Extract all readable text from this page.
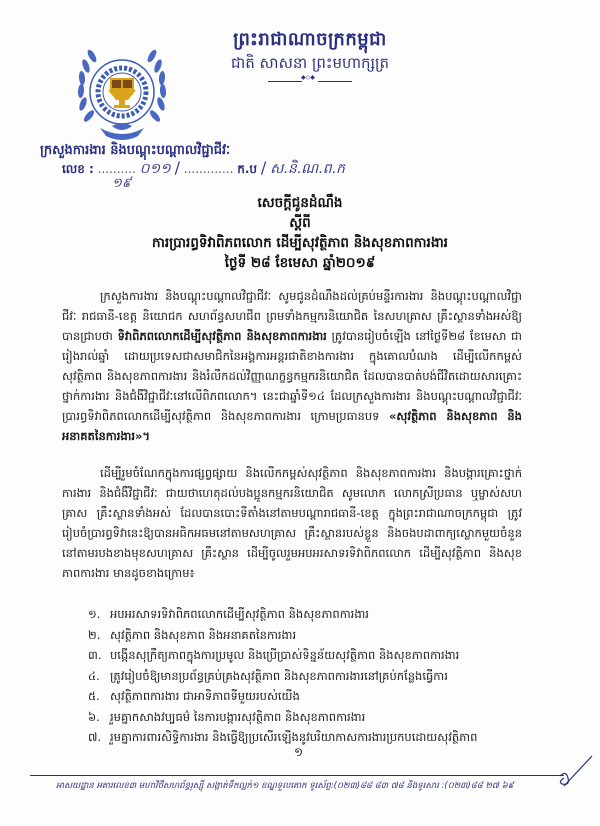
ព្រះរាជាណាចក្រកម្ពុជា
ជាតិ សាសនា ព្រះមហាក្សត្រ
◆◇◆
ក្រសួងការងារ និងបណ្តុះបណ្តាលវិជ្ជាជីវៈ
លេខ : .......... ០១១ / ............. ក.ប / ស.និ.ណ.ព.ក
១៩
សេចក្តីជូនដំណឹង
ស្តីពី
ការប្រារព្ធទិវាពិភពលោក ដើម្បីសុវត្ថិភាព និងសុខភាពការងារ
ថ្ងៃទី ២៨ ខែមេសា ឆ្នាំ២០១៩
ក្រសួងការងារ និងបណ្តុះបណ្តាលវិជ្ជាជីវៈ សូមជូនដំណឹងដល់គ្រប់មន្ទីរការងារ និងបណ្តុះបណ្តាលវិជ្ជាជីវៈ រាជធានី-ខេត្ត និយោជក សហព័ន្ធសហជីព ព្រមទាំងកម្មករនិយោជិត នៃសហគ្រាស គ្រឹះស្ថានទាំងអស់ឱ្យបានជ្រាបថា ទិវាពិភពលោកដើម្បីសុវត្ថិភាព និងសុខភាពការងារ ត្រូវបានរៀបចំឡើង នៅថ្ងៃទី២៨ ខែមេសា ជារៀងរាល់ឆ្នាំ ដោយប្រទេសជាសមាជិកនៃអង្គការអន្តរជាតិខាងការងារ ក្នុងគោលបំណង ដើម្បីលើកកម្ពស់សុវត្ថិភាព និងសុខភាពការងារ និងរំលឹកដល់វិញ្ញាណក្ខន្ធកម្មករនិយោជិត ដែលបានបាត់បង់ជីវិតដោយសារគ្រោះថ្នាក់ការងារ និងជំងឺវិជ្ជាជីវៈនៅលើពិភពលោក។ នេះជាឆ្នាំទី១៤ ដែលក្រសួងការងារ និងបណ្តុះបណ្តាលវិជ្ជាជីវៈ ប្រារព្ធទិវាពិភពលោកដើម្បីសុវត្ថិភាព និងសុខភាពការងារ ក្រោមប្រធានបទ «សុវត្ថិភាព និងសុខភាព និងអនាគតនៃការងារ»។
ដើម្បីរួមចំណែកក្នុងការផ្សព្វផ្សាយ និងលើកកម្ពស់សុវត្ថិភាព និងសុខភាពការងារ និងបង្ការគ្រោះថ្នាក់ការងារ និងជំងឺវិជ្ជាជីវៈ ជាយថាហេតុដល់បងប្អូនកម្មករនិយោជិត សូមលោក លោកស្រីប្រធាន ឬម្ចាស់សហគ្រាស គ្រឹះស្ថានទាំងអស់ ដែលបានបោះទីតាំងនៅតាមបណ្តារាជធានី-ខេត្ត ក្នុងព្រះរាជាណាចក្រកម្ពុជា ត្រូវរៀបចំប្រារព្ធទិវានេះឱ្យបានអធិកអធមនៅតាមសហគ្រាស គ្រឹះស្ថានរបស់ខ្លួន និងចងបដាពាក្យស្លោកមួយចំនួននៅតាមរបងខាងមុខសហគ្រាស គ្រឹះស្ថាន ដើម្បីចូលរួមអបអរសាទរទិវាពិភពលោក ដើម្បីសុវត្ថិភាព និងសុខភាពការងារ មានដូចខាងក្រោម៖
១. អបអរសាទរទិវាពិភពលោកដើម្បីសុវត្ថិភាព និងសុខភាពការងារ
២. សុវត្ថិភាព និងសុខភាព និងអនាគតនៃការងារ
៣. បង្កើនសុក្រឹត្យភាពក្នុងការប្រមូល និងប្រើប្រាស់ទិន្នន័យសុវត្ថិភាព និងសុខភាពការងារ
៤. ត្រូវរៀបចំឱ្យមានប្រព័ន្ធគ្រប់គ្រងសុវត្ថិភាព និងសុខភាពការងារនៅគ្រប់កន្លែងធ្វើការ
៥. សុវត្ថិភាពការងារ ជាអាទិភាពទីមួយរបស់យើង
៦. រួមគ្នាកសាងវប្បធម៌ នៃការបង្ការសុវត្ថិភាព និងសុខភាពការងារ
៧. រួមគ្នាការពារសិទ្ធិការងារ និងធ្វើឱ្យប្រសើរឡើងនូវបរិយាកាសការងារប្រកបដោយសុវត្ថិភាព
១
អាសយដ្ឋាន អគារលេខ៣ មហាវិថីសហព័ន្ធរុស្ស៊ី សង្កាត់ទឹកល្អក់១ ខណ្ឌទួលគោក ទូរស័ព្ទ:(០២៣)៨៨ ៨៣ ៧៨ និងទូរសារ :(០២៣)៨៨ ២៧ ៦៩
